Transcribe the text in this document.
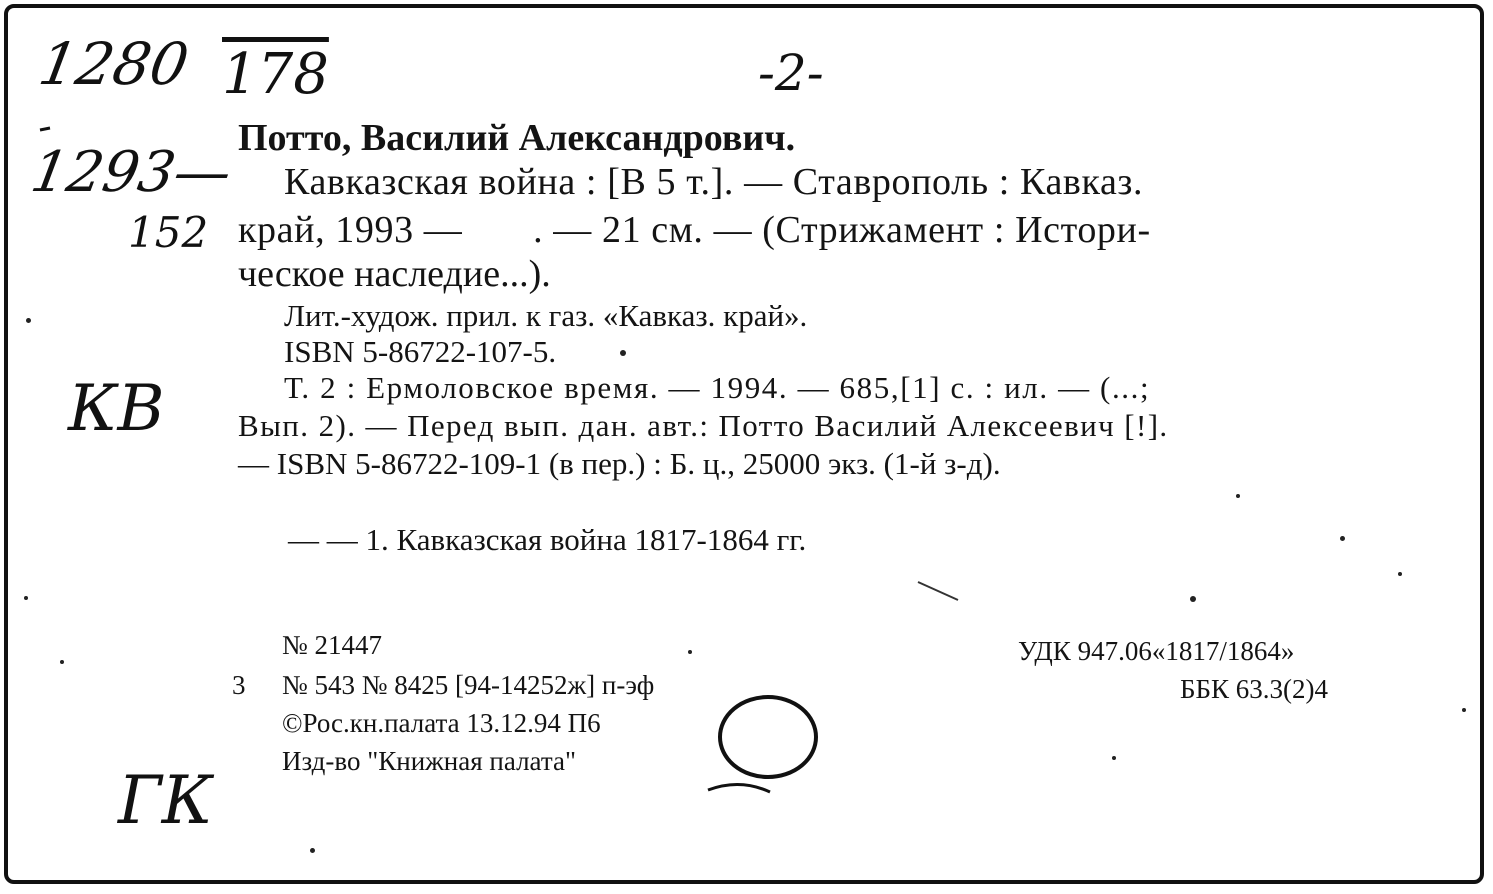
1280 178	-2-
1293—
152
КВ
ГК
Потто, Василий Александрович.
Кавказская война : [В 5 т.]. — Ставрополь : Кавказ.
край, 1993 —       . — 21 см. — (Стрижамент : Истори-
ческое наследие...).
Лит.-худож. прил. к газ. «Кавказ. край».
ISBN 5-86722-107-5.
Т. 2 : Ермоловское время. — 1994. — 685,[1] с. : ил. — (...;
Вып. 2). — Перед вып. дан. авт.: Потто Василий Алексеевич [!].
— ISBN 5-86722-109-1 (в пер.) : Б. ц., 25000 экз. (1-й з-д).
— — 1. Кавказская война 1817-1864 гг.
№ 21447
3 № 543 № 8425 [94-14252ж] п-эф
©Рос.кн.палата 13.12.94 П6
Изд-во "Книжная палата"
УДК 947.06«1817/1864»
ББК 63.3(2)4
